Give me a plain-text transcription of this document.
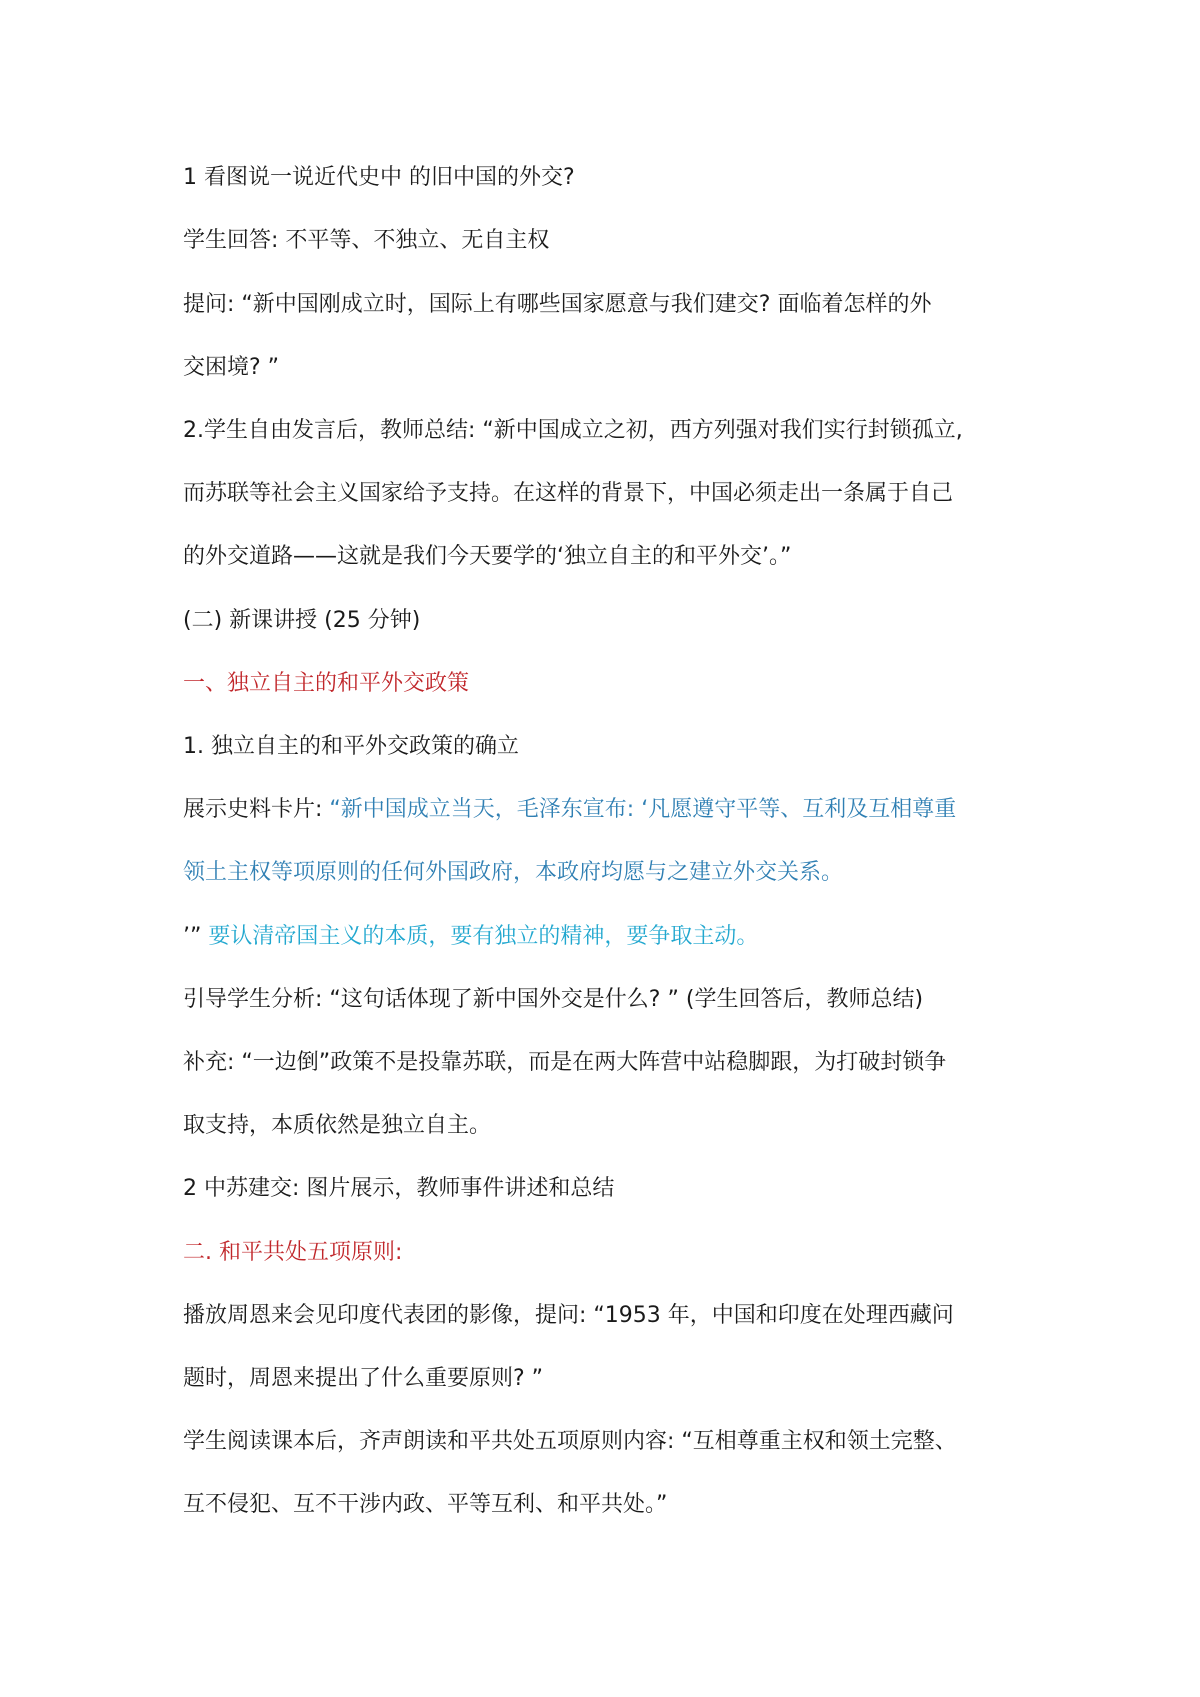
1 看图说一说近代史中 的旧中国的外交?
学生回答: 不平等、不独立、无自主权
提问: “新中国刚成立时，国际上有哪些国家愿意与我们建交? 面临着怎样的外
交困境? ”
2.学生自由发言后，教师总结: “新中国成立之初，西方列强对我们实行封锁孤立,
而苏联等社会主义国家给予支持。在这样的背景下，中国必须走出一条属于自己
的外交道路——这就是我们今天要学的‘独立自主的和平外交’。”
(二) 新课讲授 (25 分钟)
一、独立自主的和平外交政策
1. 独立自主的和平外交政策的确立
展示史料卡片: “新中国成立当天，毛泽东宣布: ‘凡愿遵守平等、互利及互相尊重
领土主权等项原则的任何外国政府，本政府均愿与之建立外交关系。
’” 要认清帝国主义的本质，要有独立的精神，要争取主动。
引导学生分析: “这句话体现了新中国外交是什么? ” (学生回答后，教师总结)
补充: “一边倒”政策不是投靠苏联，而是在两大阵营中站稳脚跟，为打破封锁争
取支持，本质依然是独立自主。
2 中苏建交: 图片展示，教师事件讲述和总结
二. 和平共处五项原则:
播放周恩来会见印度代表团的影像，提问: “1953 年，中国和印度在处理西藏问
题时，周恩来提出了什么重要原则? ”
学生阅读课本后，齐声朗读和平共处五项原则内容: “互相尊重主权和领土完整、
互不侵犯、互不干涉内政、平等互利、和平共处。”
